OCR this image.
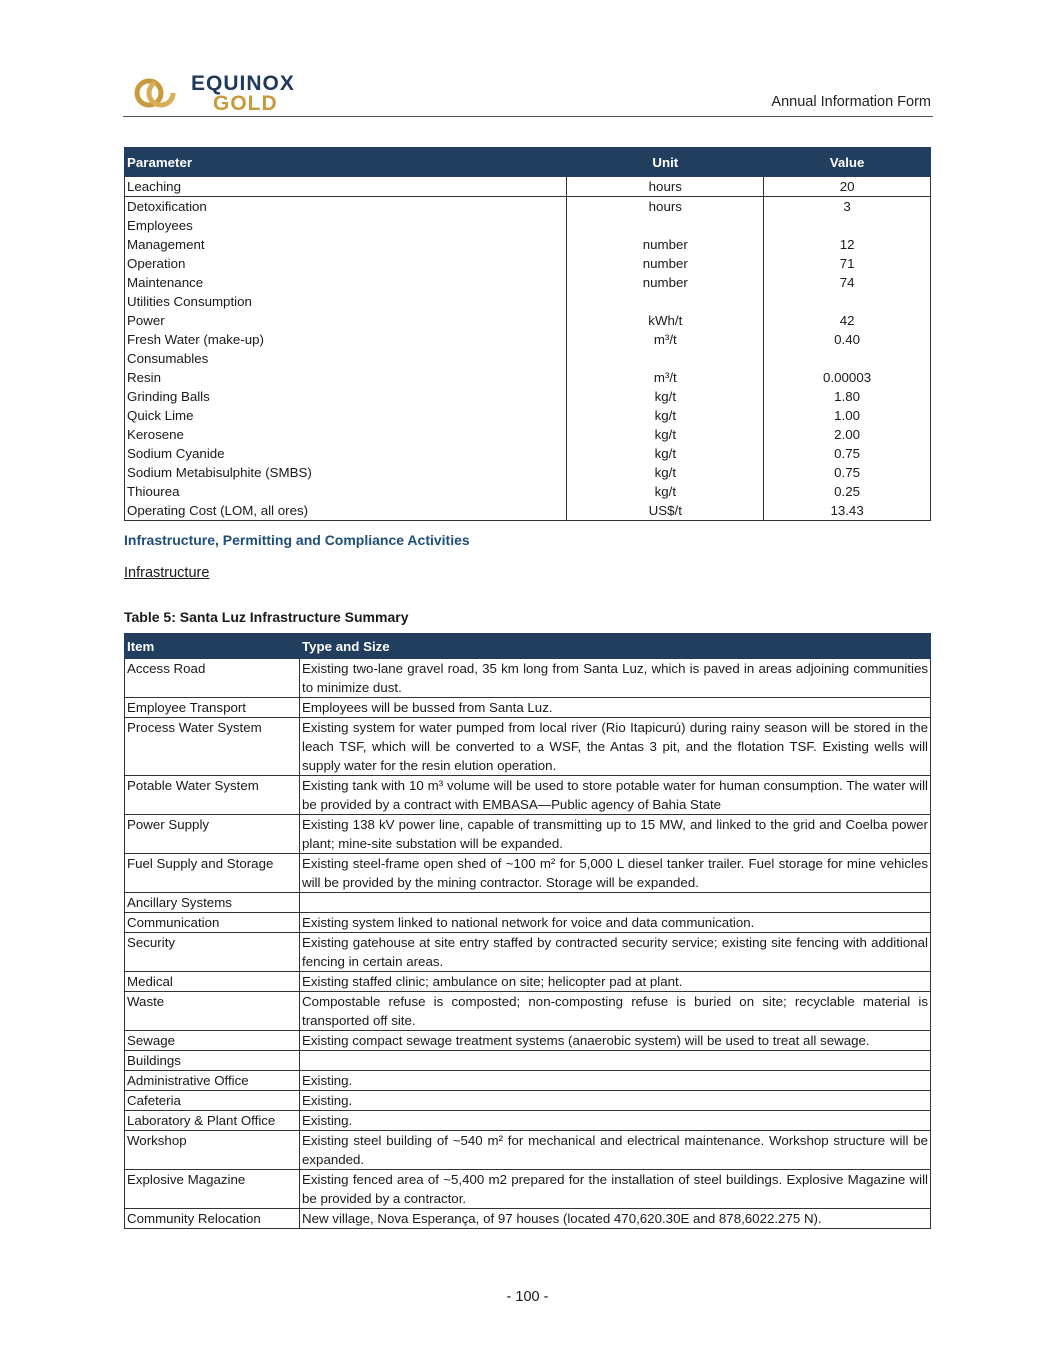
EQUINOX
GOLD	Annual Information Form
Parameter	Unit	Value
Leaching	hours	20
Detoxification	hours	3
Employees		
Management	number	12
Operation	number	71
Maintenance	number	74
Utilities Consumption		
Power	kWh/t	42
Fresh Water (make-up)	m³/t	0.40
Consumables		
Resin	m³/t	0.00003
Grinding Balls	kg/t	1.80
Quick Lime	kg/t	1.00
Kerosene	kg/t	2.00
Sodium Cyanide	kg/t	0.75
Sodium Metabisulphite (SMBS)	kg/t	0.75
Thiourea	kg/t	0.25
Operating Cost (LOM, all ores)	US$/t	13.43
Infrastructure, Permitting and Compliance Activities
Infrastructure
Table 5: Santa Luz Infrastructure Summary
Item	Type and Size
Access Road	Existing two-lane gravel road, 35 km long from Santa Luz, which is paved in areas adjoining communities to minimize dust.
Employee Transport	Employees will be bussed from Santa Luz.
Process Water System	Existing system for water pumped from local river (Rio Itapicurú) during rainy season will be stored in the leach TSF, which will be converted to a WSF, the Antas 3 pit, and the flotation TSF. Existing wells will supply water for the resin elution operation.
Potable Water System	Existing tank with 10 m³ volume will be used to store potable water for human consumption. The water will be provided by a contract with EMBASA—Public agency of Bahia State
Power Supply	Existing 138 kV power line, capable of transmitting up to 15 MW, and linked to the grid and Coelba power plant; mine-site substation will be expanded.
Fuel Supply and Storage	Existing steel-frame open shed of ~100 m² for 5,000 L diesel tanker trailer. Fuel storage for mine vehicles will be provided by the mining contractor. Storage will be expanded.
Ancillary Systems	
Communication	Existing system linked to national network for voice and data communication.
Security	Existing gatehouse at site entry staffed by contracted security service; existing site fencing with additional fencing in certain areas.
Medical	Existing staffed clinic; ambulance on site; helicopter pad at plant.
Waste	Compostable refuse is composted; non-composting refuse is buried on site; recyclable material is transported off site.
Sewage	Existing compact sewage treatment systems (anaerobic system) will be used to treat all sewage.
Buildings	
Administrative Office	Existing.
Cafeteria	Existing.
Laboratory & Plant Office	Existing.
Workshop	Existing steel building of ~540 m² for mechanical and electrical maintenance. Workshop structure will be expanded.
Explosive Magazine	Existing fenced area of ~5,400 m2 prepared for the installation of steel buildings. Explosive Magazine will be provided by a contractor.
Community Relocation	New village, Nova Esperança, of 97 houses (located 470,620.30E and 878,6022.275 N).
- 100 -
